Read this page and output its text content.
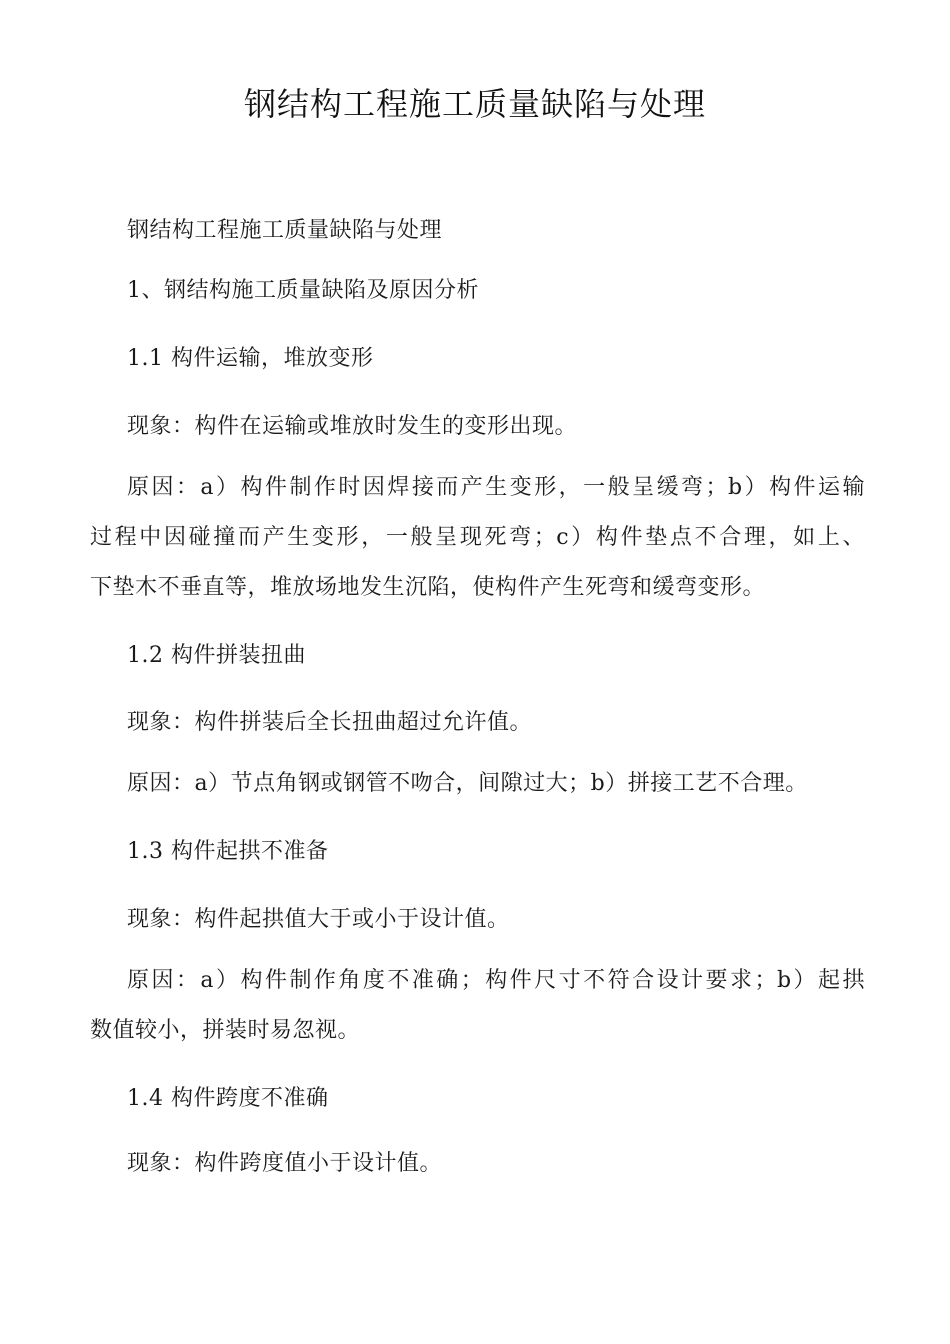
钢结构工程施工质量缺陷与处理

钢结构工程施工质量缺陷与处理

1、钢结构施工质量缺陷及原因分析

1.1 构件运输，堆放变形

现象：构件在运输或堆放时发生的变形出现。

原因：a）构件制作时因焊接而产生变形，一般呈缓弯；b）构件运输

过程中因碰撞而产生变形，一般呈现死弯；c）构件垫点不合理，如上、

下垫木不垂直等，堆放场地发生沉陷，使构件产生死弯和缓弯变形。

1.2 构件拼装扭曲

现象：构件拼装后全长扭曲超过允许值。

原因：a）节点角钢或钢管不吻合，间隙过大；b）拼接工艺不合理。

1.3 构件起拱不准备

现象：构件起拱值大于或小于设计值。

原因：a）构件制作角度不准确；构件尺寸不符合设计要求；b）起拱

数值较小，拼装时易忽视。

1.4 构件跨度不准确

现象：构件跨度值小于设计值。
